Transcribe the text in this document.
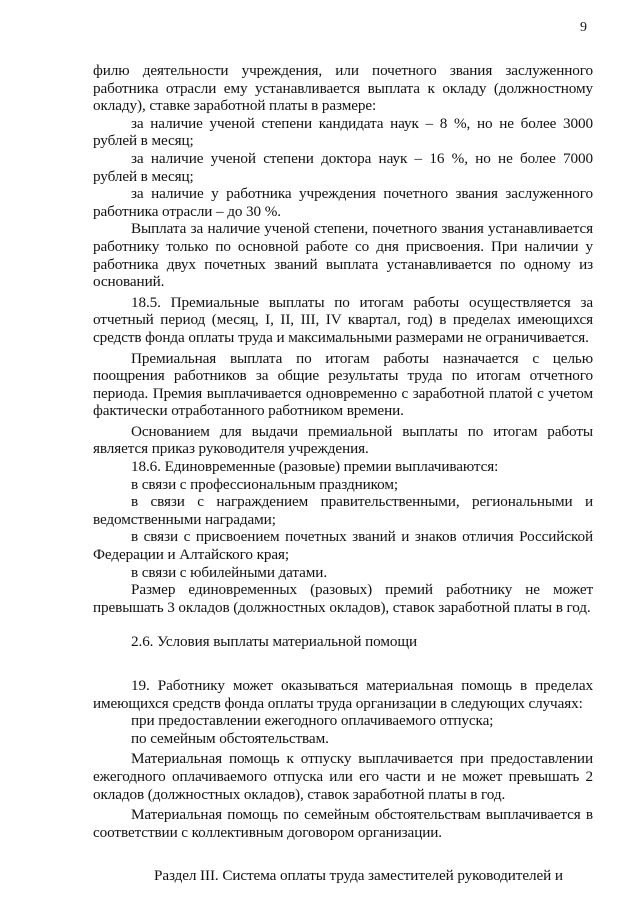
9

филю деятельности учреждения, или почетного звания заслуженного работника отрасли ему устанавливается выплата к окладу (должностному окладу), ставке заработной платы в размере:

за наличие ученой степени кандидата наук – 8 %, но не более 3000 рублей в месяц;

за наличие ученой степени доктора наук – 16 %, но не более 7000 рублей в месяц;

за наличие у работника учреждения почетного звания заслуженного работника отрасли – до 30 %.

Выплата за наличие ученой степени, почетного звания устанавливается работнику только по основной работе со дня присвоения. При наличии у работника двух почетных званий выплата устанавливается по одному из оснований.

18.5. Премиальные выплаты по итогам работы осуществляется за отчетный период (месяц, I, II, III, IV квартал, год) в пределах имеющихся средств фонда оплаты труда и максимальными размерами не ограничивается.

Премиальная выплата по итогам работы назначается с целью поощрения работников за общие результаты труда по итогам отчетного периода. Премия выплачивается одновременно с заработной платой с учетом фактически отработанного работником времени.

Основанием для выдачи премиальной выплаты по итогам работы является приказ руководителя учреждения.

18.6. Единовременные (разовые) премии выплачиваются:

в связи с профессиональным праздником;

в связи с награждением правительственными, региональными и ведомственными наградами;

в связи с присвоением почетных званий и знаков отличия Российской Федерации и Алтайского края;

в связи с юбилейными датами.

Размер единовременных (разовых) премий работнику не может превышать 3 окладов (должностных окладов), ставок заработной платы в год.

2.6. Условия выплаты материальной помощи

19. Работнику может оказываться материальная помощь в пределах имеющихся средств фонда оплаты труда организации в следующих случаях:

при предоставлении ежегодного оплачиваемого отпуска;

по семейным обстоятельствам.

Материальная помощь к отпуску выплачивается при предоставлении ежегодного оплачиваемого отпуска или его части и не может превышать 2 окладов (должностных окладов), ставок заработной платы в год.

Материальная помощь по семейным обстоятельствам выплачивается в соответствии с коллективным договором организации.

Раздел III. Система оплаты труда заместителей руководителей и
